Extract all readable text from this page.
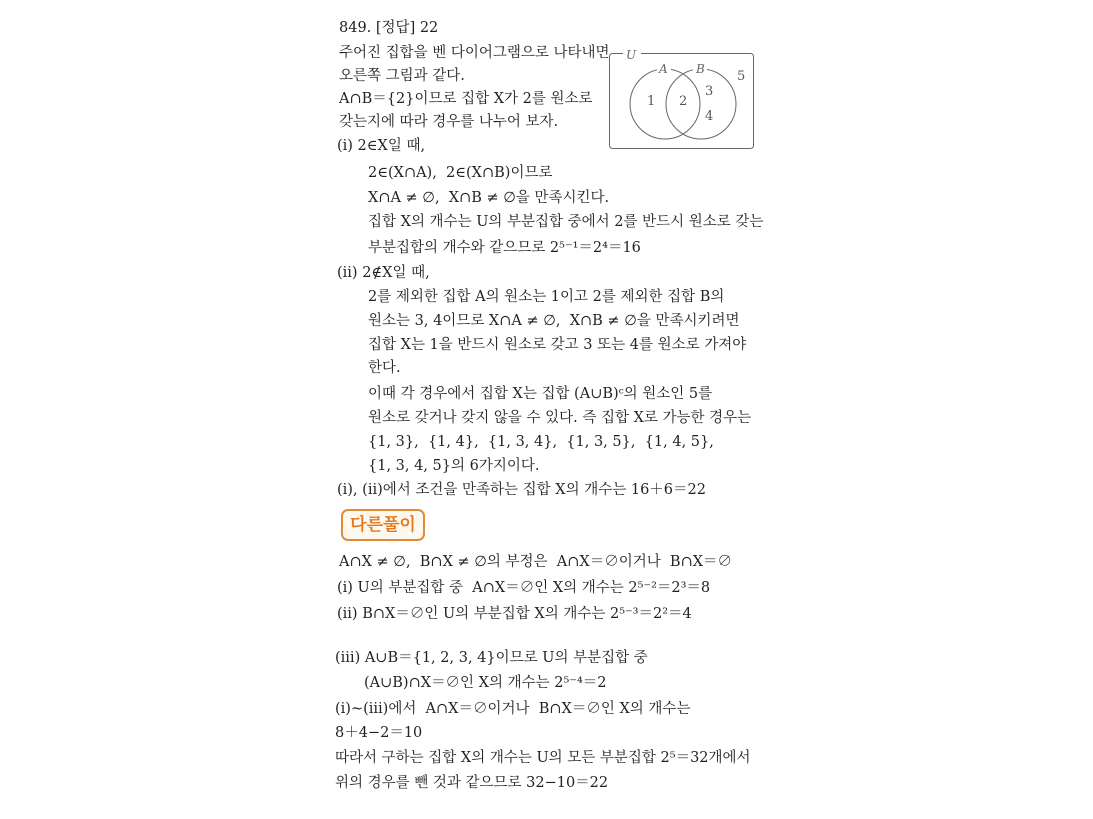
849. [정답] 22
주어진 집합을 벤 다이어그램으로 나타내면
오른쪽 그림과 같다.
A∩B＝{2}이므로 집합 X가 2를 원소로
갖는지에 따라 경우를 나누어 보자.
U
A B
1 2
3
4
5
(ⅰ) 2∈X일 때,
2∈(X∩A),  2∈(X∩B)이므로
X∩A ≠ ∅,  X∩B ≠ ∅을 만족시킨다.
집합 X의 개수는 U의 부분집합 중에서 2를 반드시 원소로 갖는
부분집합의 개수와 같으므로 2⁵⁻¹＝2⁴＝16
(ⅱ) 2∉X일 때,
2를 제외한 집합 A의 원소는 1이고 2를 제외한 집합 B의
원소는 3, 4이므로 X∩A ≠ ∅,  X∩B ≠ ∅을 만족시키려면
집합 X는 1을 반드시 원소로 갖고 3 또는 4를 원소로 가져야
한다.
이때 각 경우에서 집합 X는 집합 (A∪B)ᶜ의 원소인 5를
원소로 갖거나 갖지 않을 수 있다. 즉 집합 X로 가능한 경우는
{1, 3},  {1, 4},  {1, 3, 4},  {1, 3, 5},  {1, 4, 5},
{1, 3, 4, 5}의 6가지이다.
(ⅰ), (ⅱ)에서 조건을 만족하는 집합 X의 개수는 16＋6＝22
다른풀이
A∩X ≠ ∅,  B∩X ≠ ∅의 부정은  A∩X＝∅이거나  B∩X＝∅
(ⅰ) U의 부분집합 중  A∩X＝∅인 X의 개수는 2⁵⁻²＝2³＝8
(ⅱ) B∩X＝∅인 U의 부분집합 X의 개수는 2⁵⁻³＝2²＝4
(ⅲ) A∪B＝{1, 2, 3, 4}이므로 U의 부분집합 중
(A∪B)∩X＝∅인 X의 개수는 2⁵⁻⁴＝2
(ⅰ)~(ⅲ)에서  A∩X＝∅이거나  B∩X＝∅인 X의 개수는
8＋4−2＝10
따라서 구하는 집합 X의 개수는 U의 모든 부분집합 2⁵＝32개에서
위의 경우를 뺀 것과 같으므로 32−10＝22
